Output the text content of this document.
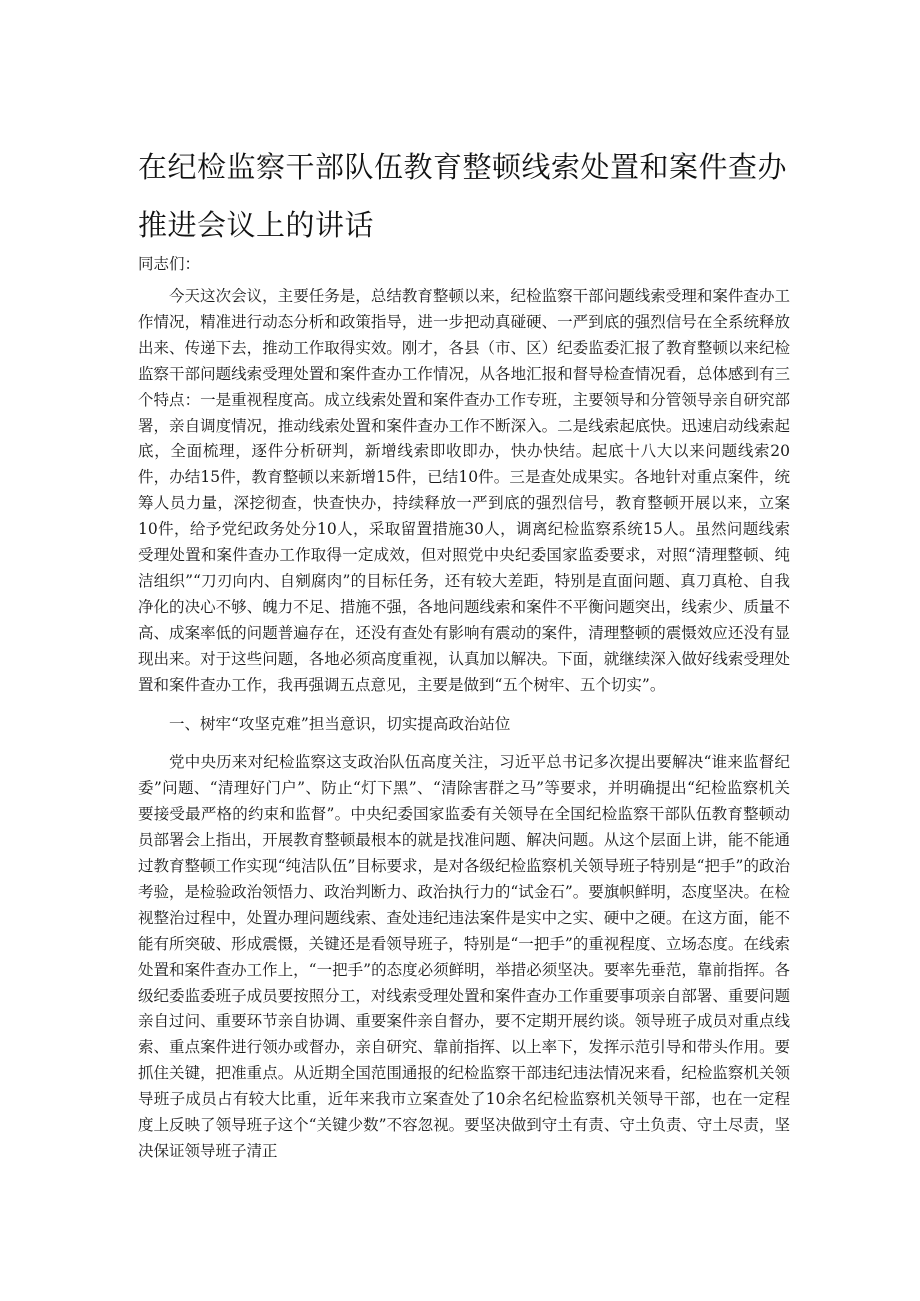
在纪检监察干部队伍教育整顿线索处置和案件查办
推进会议上的讲话

同志们：

今天这次会议，主要任务是，总结教育整顿以来，纪检监察干部问题线索受理和案件查办工作情况，精准进行动态分析和政策指导，进一步把动真碰硬、一严到底的强烈信号在全系统释放出来、传递下去，推动工作取得实效。刚才，各县（市、区）纪委监委汇报了教育整顿以来纪检监察干部问题线索受理处置和案件查办工作情况，从各地汇报和督导检查情况看，总体感到有三个特点：一是重视程度高。成立线索处置和案件查办工作专班，主要领导和分管领导亲自研究部署，亲自调度情况，推动线索处置和案件查办工作不断深入。二是线索起底快。迅速启动线索起底，全面梳理，逐件分析研判，新增线索即收即办，快办快结。起底十八大以来问题线索20件，办结15件，教育整顿以来新增15件，已结10件。三是查处成果实。各地针对重点案件，统筹人员力量，深挖彻查，快查快办，持续释放一严到底的强烈信号，教育整顿开展以来，立案10件，给予党纪政务处分10人，采取留置措施30人，调离纪检监察系统15人。虽然问题线索受理处置和案件查办工作取得一定成效，但对照党中央纪委国家监委要求，对照“清理整顿、纯洁组织”“刀刃向内、自剜腐肉”的目标任务，还有较大差距，特别是直面问题、真刀真枪、自我净化的决心不够、魄力不足、措施不强，各地问题线索和案件不平衡问题突出，线索少、质量不高、成案率低的问题普遍存在，还没有查处有影响有震动的案件，清理整顿的震慑效应还没有显现出来。对于这些问题，各地必须高度重视，认真加以解决。下面，就继续深入做好线索受理处置和案件查办工作，我再强调五点意见，主要是做到“五个树牢、五个切实”。

一、树牢“攻坚克难”担当意识，切实提高政治站位

党中央历来对纪检监察这支政治队伍高度关注，习近平总书记多次提出要解决“谁来监督纪委”问题、“清理好门户”、防止“灯下黑”、“清除害群之马”等要求，并明确提出“纪检监察机关要接受最严格的约束和监督”。中央纪委国家监委有关领导在全国纪检监察干部队伍教育整顿动员部署会上指出，开展教育整顿最根本的就是找准问题、解决问题。从这个层面上讲，能不能通过教育整顿工作实现“纯洁队伍”目标要求，是对各级纪检监察机关领导班子特别是“把手”的政治考验，是检验政治领悟力、政治判断力、政治执行力的“试金石”。要旗帜鲜明，态度坚决。在检视整治过程中，处置办理问题线索、查处违纪违法案件是实中之实、硬中之硬。在这方面，能不能有所突破、形成震慑，关键还是看领导班子，特别是“一把手”的重视程度、立场态度。在线索处置和案件查办工作上，“一把手”的态度必须鲜明，举措必须坚决。要率先垂范，靠前指挥。各级纪委监委班子成员要按照分工，对线索受理处置和案件查办工作重要事项亲自部署、重要问题亲自过问、重要环节亲自协调、重要案件亲自督办，要不定期开展约谈。领导班子成员对重点线索、重点案件进行领办或督办，亲自研究、靠前指挥、以上率下，发挥示范引导和带头作用。要抓住关键，把准重点。从近期全国范围通报的纪检监察干部违纪违法情况来看，纪检监察机关领导班子成员占有较大比重，近年来我市立案查处了10余名纪检监察机关领导干部，也在一定程度上反映了领导班子这个“关键少数”不容忽视。要坚决做到守土有责、守土负责、守土尽责，坚决保证领导班子清正
